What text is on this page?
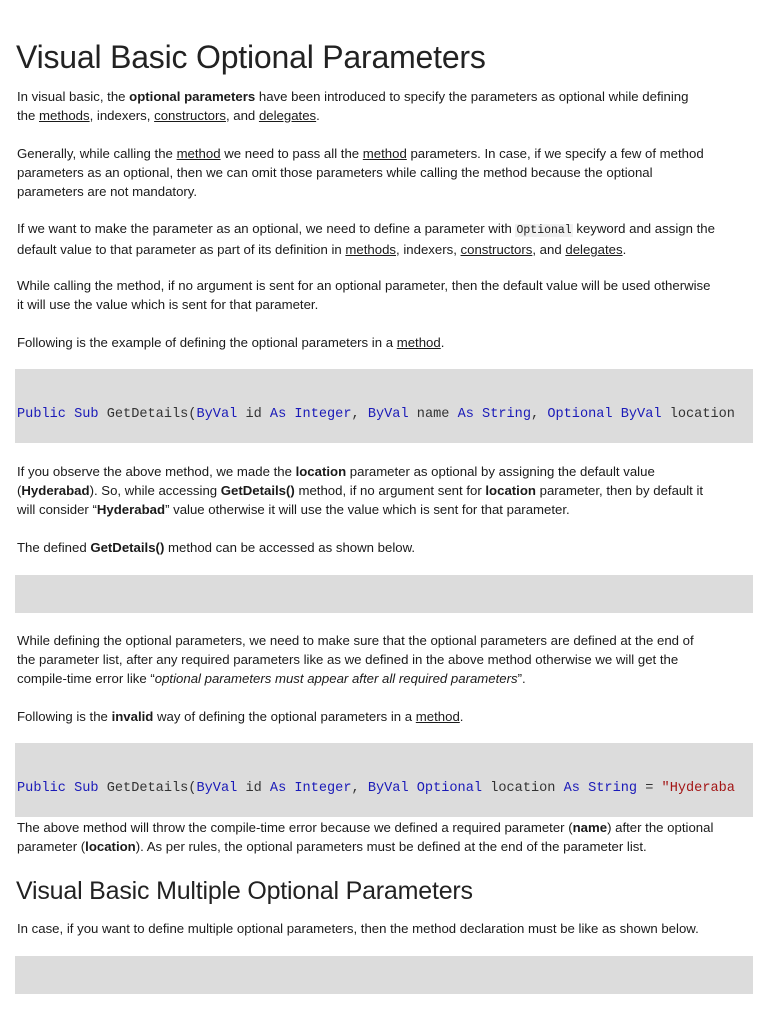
Visual Basic Optional Parameters

In visual basic, the optional parameters have been introduced to specify the parameters as optional while defining
the methods, indexers, constructors, and delegates.

Generally, while calling the method we need to pass all the method parameters. In case, if we specify a few of method
parameters as an optional, then we can omit those parameters while calling the method because the optional
parameters are not mandatory.

If we want to make the parameter as an optional, we need to define a parameter with Optional keyword and assign the
default value to that parameter as part of its definition in methods, indexers, constructors, and delegates.

While calling the method, if no argument is sent for an optional parameter, then the default value will be used otherwise
it will use the value which is sent for that parameter.

Following is the example of defining the optional parameters in a method.

Public Sub GetDetails(ByVal id As Integer, ByVal name As String, Optional ByVal location

If you observe the above method, we made the location parameter as optional by assigning the default value
(Hyderabad). So, while accessing GetDetails() method, if no argument sent for location parameter, then by default it
will consider “Hyderabad” value otherwise it will use the value which is sent for that parameter.

The defined GetDetails() method can be accessed as shown below.

While defining the optional parameters, we need to make sure that the optional parameters are defined at the end of
the parameter list, after any required parameters like as we defined in the above method otherwise we will get the
compile-time error like “optional parameters must appear after all required parameters”.

Following is the invalid way of defining the optional parameters in a method.

Public Sub GetDetails(ByVal id As Integer, ByVal Optional location As String = "Hyderaba

The above method will throw the compile-time error because we defined a required parameter (name) after the optional
parameter (location). As per rules, the optional parameters must be defined at the end of the parameter list.

Visual Basic Multiple Optional Parameters

In case, if you want to define multiple optional parameters, then the method declaration must be like as shown below.
